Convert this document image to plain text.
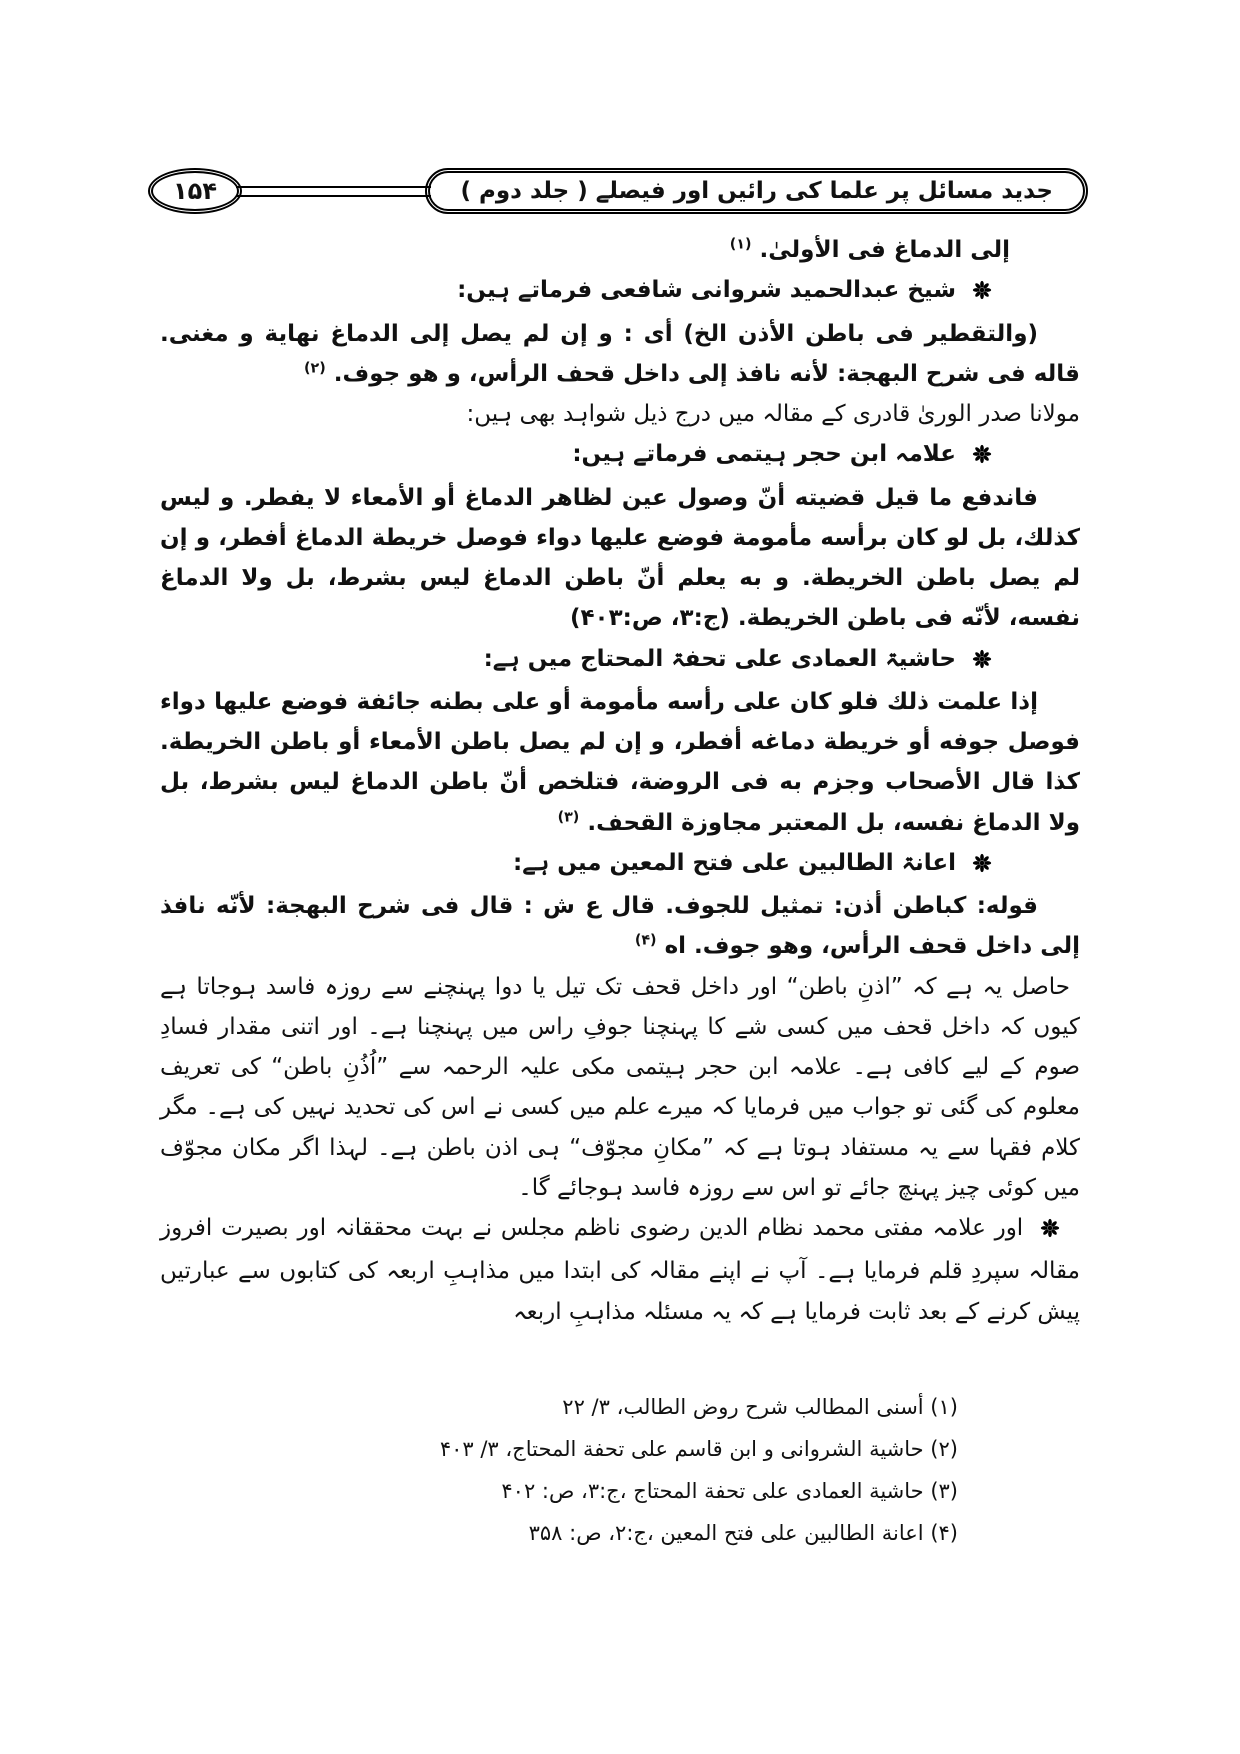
۱۵۴	جدید مسائل پر علما کی رائیں اور فیصلے ( جلد دوم )

إلى الدماغ فی الأولىٰ. $^{(۱)}$

شیخ عبدالحمید شروانی شافعی فرماتے ہیں:

(والتقطیر فی باطن الأذن الخ) أی : و إن لم یصل إلی الدماغ نهایة و مغنی. قاله فی شرح البهجة: لأنه نافذ إلی داخل قحف الرأس، و هو جوف. $^{(۲)}$

مولانا صدر الوریٰ قادری کے مقالہ میں درج ذیل شواہد بھی ہیں:

علامہ ابن حجر ہیتمی فرماتے ہیں:

فاندفع ما قیل قضیته أنّ وصول عین لظاهر الدماغ أو الأمعاء لا یفطر. و لیس کذلك، بل لو کان برأسه مأمومة فوضع علیها دواء فوصل خریطة الدماغ أفطر، و إن لم یصل باطن الخریطة. و به یعلم أنّ باطن الدماغ لیس بشرط، بل ولا الدماغ نفسه، لأنّه فی باطن الخریطة. (ج:۳، ص:۴۰۳)

حاشیۃ العمادی علی تحفۃ المحتاج میں ہے:

إذا علمت ذلك فلو کان علی رأسه مأمومة أو علی بطنه جائفة فوضع علیها دواء فوصل جوفه أو خریطة دماغه أفطر، و إن لم یصل باطن الأمعاء أو باطن الخریطة. کذا قال الأصحاب وجزم به فی الروضة، فتلخص أنّ باطن الدماغ لیس بشرط، بل ولا الدماغ نفسه، بل المعتبر مجاوزة القحف. $^{(۳)}$

اعانۃ الطالبین علی فتح المعین میں ہے:

قوله: کباطن أذن: تمثیل للجوف. قال ع ش : قال فی شرح البهجة: لأنّه نافذ إلی داخل قحف الرأس، وهو جوف. اه $^{(۴)}$

حاصل یہ ہے کہ ”اذنِ باطن“ اور داخل قحف تک تیل یا دوا پہنچنے سے روزہ فاسد ہوجاتا ہے کیوں کہ داخل قحف میں کسی شے کا پہنچنا جوفِ راس میں پہنچنا ہے۔ اور اتنی مقدار فسادِ صوم کے لیے کافی ہے۔ علامہ ابن حجر ہیتمی مکی علیہ الرحمہ سے ”اُذُنِ باطن“ کی تعریف معلوم کی گئی تو جواب میں فرمایا کہ میرے علم میں کسی نے اس کی تحدید نہیں کی ہے۔ مگر کلام فقہا سے یہ مستفاد ہوتا ہے کہ ”مکانِ مجوّف“ ہی اذن باطن ہے۔ لہذا اگر مکان مجوّف میں کوئی چیز پہنچ جائے تو اس سے روزہ فاسد ہوجائے گا۔

اور علامہ مفتی محمد نظام الدین رضوی ناظم مجلس نے بہت محققانہ اور بصیرت افروز مقالہ سپردِ قلم فرمایا ہے۔ آپ نے اپنے مقالہ کی ابتدا میں مذاہبِ اربعہ کی کتابوں سے عبارتیں پیش کرنے کے بعد ثابت فرمایا ہے کہ یہ مسئلہ مذاہبِ اربعہ

(۱) أسنی المطالب شرح روض الطالب، ۳/ ۲۲

(۲) حاشیة الشروانی و ابن قاسم علی تحفة المحتاج، ۳/ ۴۰۳

(۳) حاشیة العمادی علی تحفة المحتاج ،ج:۳، ص: ۴۰۲

(۴) اعانة الطالبین علی فتح المعین ،ج:۲، ص: ۳۵۸
